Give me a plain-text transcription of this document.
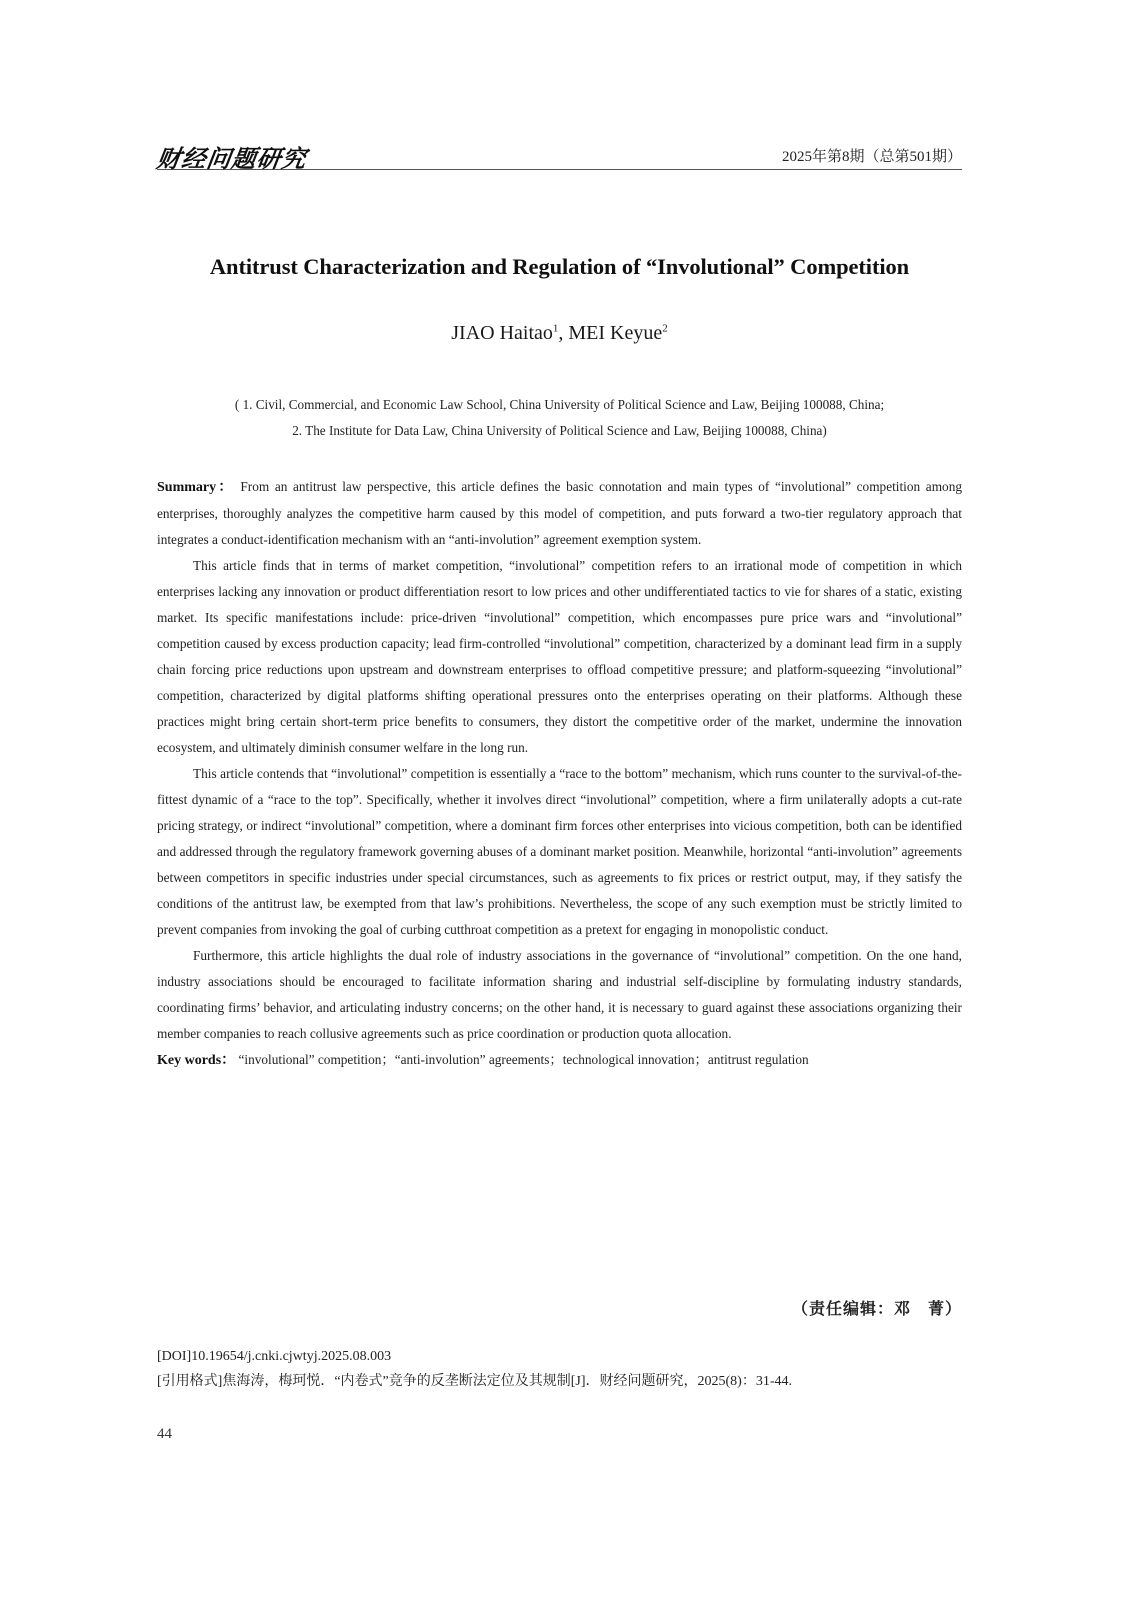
财经问题研究	2025年第8期（总第501期）
Antitrust Characterization and Regulation of “Involutional” Competition
JIAO Haitao$^1$, MEI Keyue$^2$
( 1. Civil, Commercial, and Economic Law School, China University of Political Science and Law, Beijing 100088, China;
2. The Institute for Data Law, China University of Political Science and Law, Beijing 100088, China)

Summary： From an antitrust law perspective, this article defines the basic connotation and main types of “involutional” competition among enterprises, thoroughly analyzes the competitive harm caused by this model of competition, and puts forward a two-tier regulatory approach that integrates a conduct-identification mechanism with an “anti-involution” agreement exemption system.

This article finds that in terms of market competition, “involutional” competition refers to an irrational mode of competition in which enterprises lacking any innovation or product differentiation resort to low prices and other undifferentiated tactics to vie for shares of a static, existing market. Its specific manifestations include: price-driven “involutional” competition, which encompasses pure price wars and “involutional” competition caused by excess production capacity; lead firm-controlled “involutional” competition, characterized by a dominant lead firm in a supply chain forcing price reductions upon upstream and downstream enterprises to offload competitive pressure; and platform-squeezing “involutional” competition, characterized by digital platforms shifting operational pressures onto the enterprises operating on their platforms. Although these practices might bring certain short-term price benefits to consumers, they distort the competitive order of the market, undermine the innovation ecosystem, and ultimately diminish consumer welfare in the long run.

This article contends that “involutional” competition is essentially a “race to the bottom” mechanism, which runs counter to the survival-of-the-fittest dynamic of a “race to the top”. Specifically, whether it involves direct “involutional” competition, where a firm unilaterally adopts a cut-rate pricing strategy, or indirect “involutional” competition, where a dominant firm forces other enterprises into vicious competition, both can be identified and addressed through the regulatory framework governing abuses of a dominant market position. Meanwhile, horizontal “anti-involution” agreements between competitors in specific industries under special circumstances, such as agreements to fix prices or restrict output, may, if they satisfy the conditions of the antitrust law, be exempted from that law’s prohibitions. Nevertheless, the scope of any such exemption must be strictly limited to prevent companies from invoking the goal of curbing cutthroat competition as a pretext for engaging in monopolistic conduct.

Furthermore, this article highlights the dual role of industry associations in the governance of “involutional” competition. On the one hand, industry associations should be encouraged to facilitate information sharing and industrial self-discipline by formulating industry standards, coordinating firms’ behavior, and articulating industry concerns; on the other hand, it is necessary to guard against these associations organizing their member companies to reach collusive agreements such as price coordination or production quota allocation.

Key words： “involutional” competition；“anti-involution” agreements；technological innovation；antitrust regulation

（责任编辑：邓　菁）
[DOI]10.19654/j.cnki.cjwtyj.2025.08.003
[引用格式]焦海涛，梅珂悦．“内卷式”竞争的反垄断法定位及其规制[J]．财经问题研究，2025(8)：31-44.
44
